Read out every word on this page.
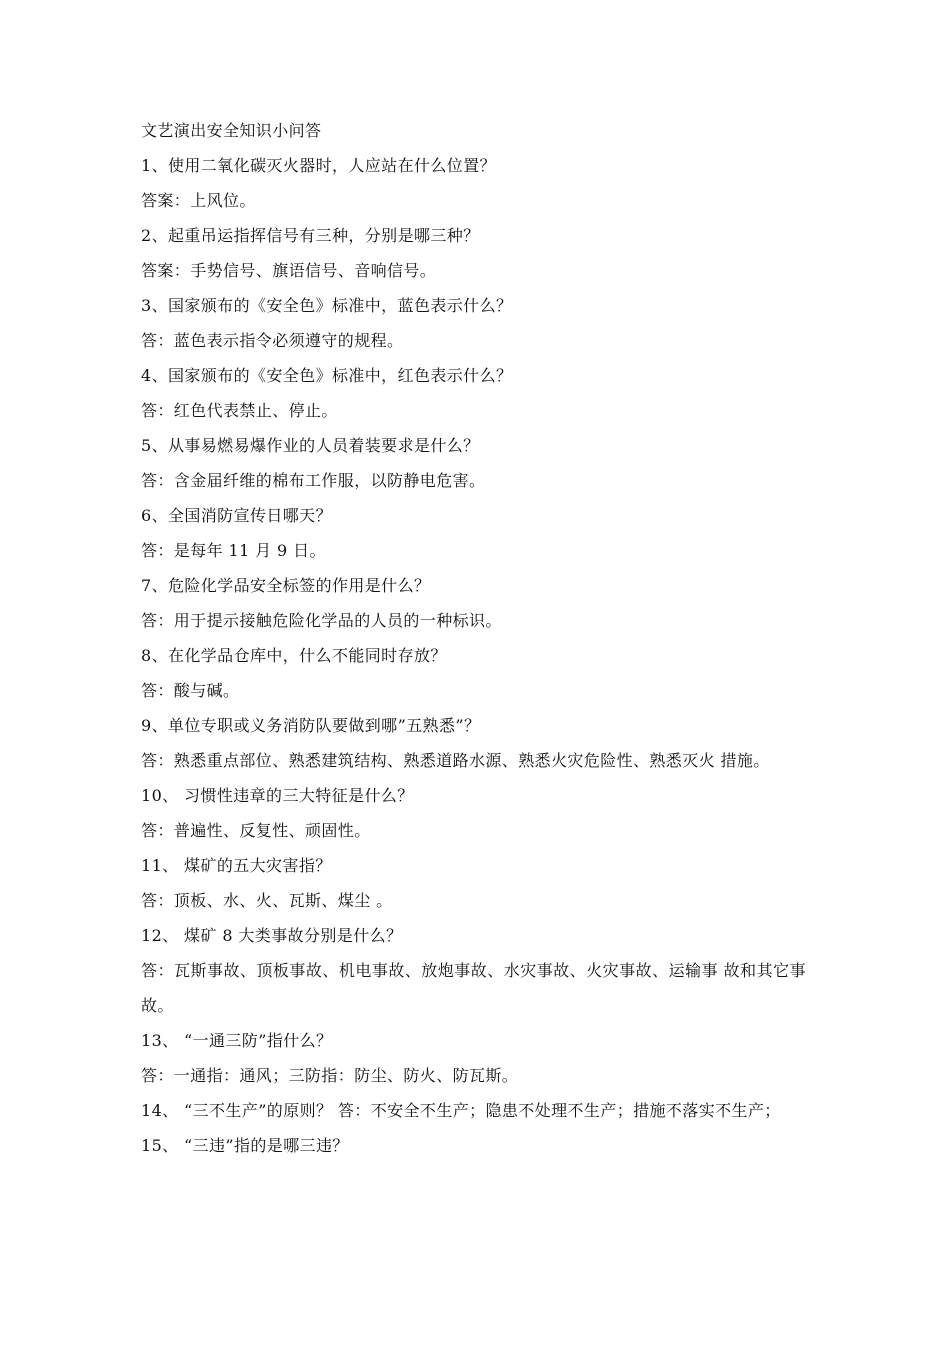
文艺演出安全知识小问答
1、使用二氧化碳灭火器时，人应站在什么位置？
答案：上风位。
2、起重吊运指挥信号有三种，分别是哪三种？
答案：手势信号、旗语信号、音响信号。
3、国家颁布的《安全色》标准中，蓝色表示什么？
答：蓝色表示指令必须遵守的规程。
4、国家颁布的《安全色》标准中，红色表示什么？
答：红色代表禁止、停止。
5、从事易燃易爆作业的人员着装要求是什么？
答：含金届纤维的棉布工作服，以防静电危害。
6、全国消防宣传日哪天？
答：是每年 11 月 9 日。
7、危险化学品安全标签的作用是什么？
答：用于提示接触危险化学品的人员的一种标识。
8、在化学品仓库中，什么不能同时存放？
答：酸与碱。
9、单位专职或义务消防队要做到哪”五熟悉”？
答：熟悉重点部位、熟悉建筑结构、熟悉道路水源、熟悉火灾危险性、熟悉灭火 措施。
10、 习惯性违章的三大特征是什么？
答：普遍性、反复性、顽固性。
11、 煤矿的五大灾害指？
答：顶板、水、火、瓦斯、煤尘 。
12、 煤矿 8 大类事故分别是什么？
答：瓦斯事故、顶板事故、机电事故、放炮事故、水灾事故、火灾事故、运输事 故和其它事故。
13、 “一通三防”指什么？
答：一通指：通风；三防指：防尘、防火、防瓦斯。
14、 “三不生产”的原则？ 答：不安全不生产；隐患不处理不生产；措施不落实不生产；
15、 “三违”指的是哪三违？
